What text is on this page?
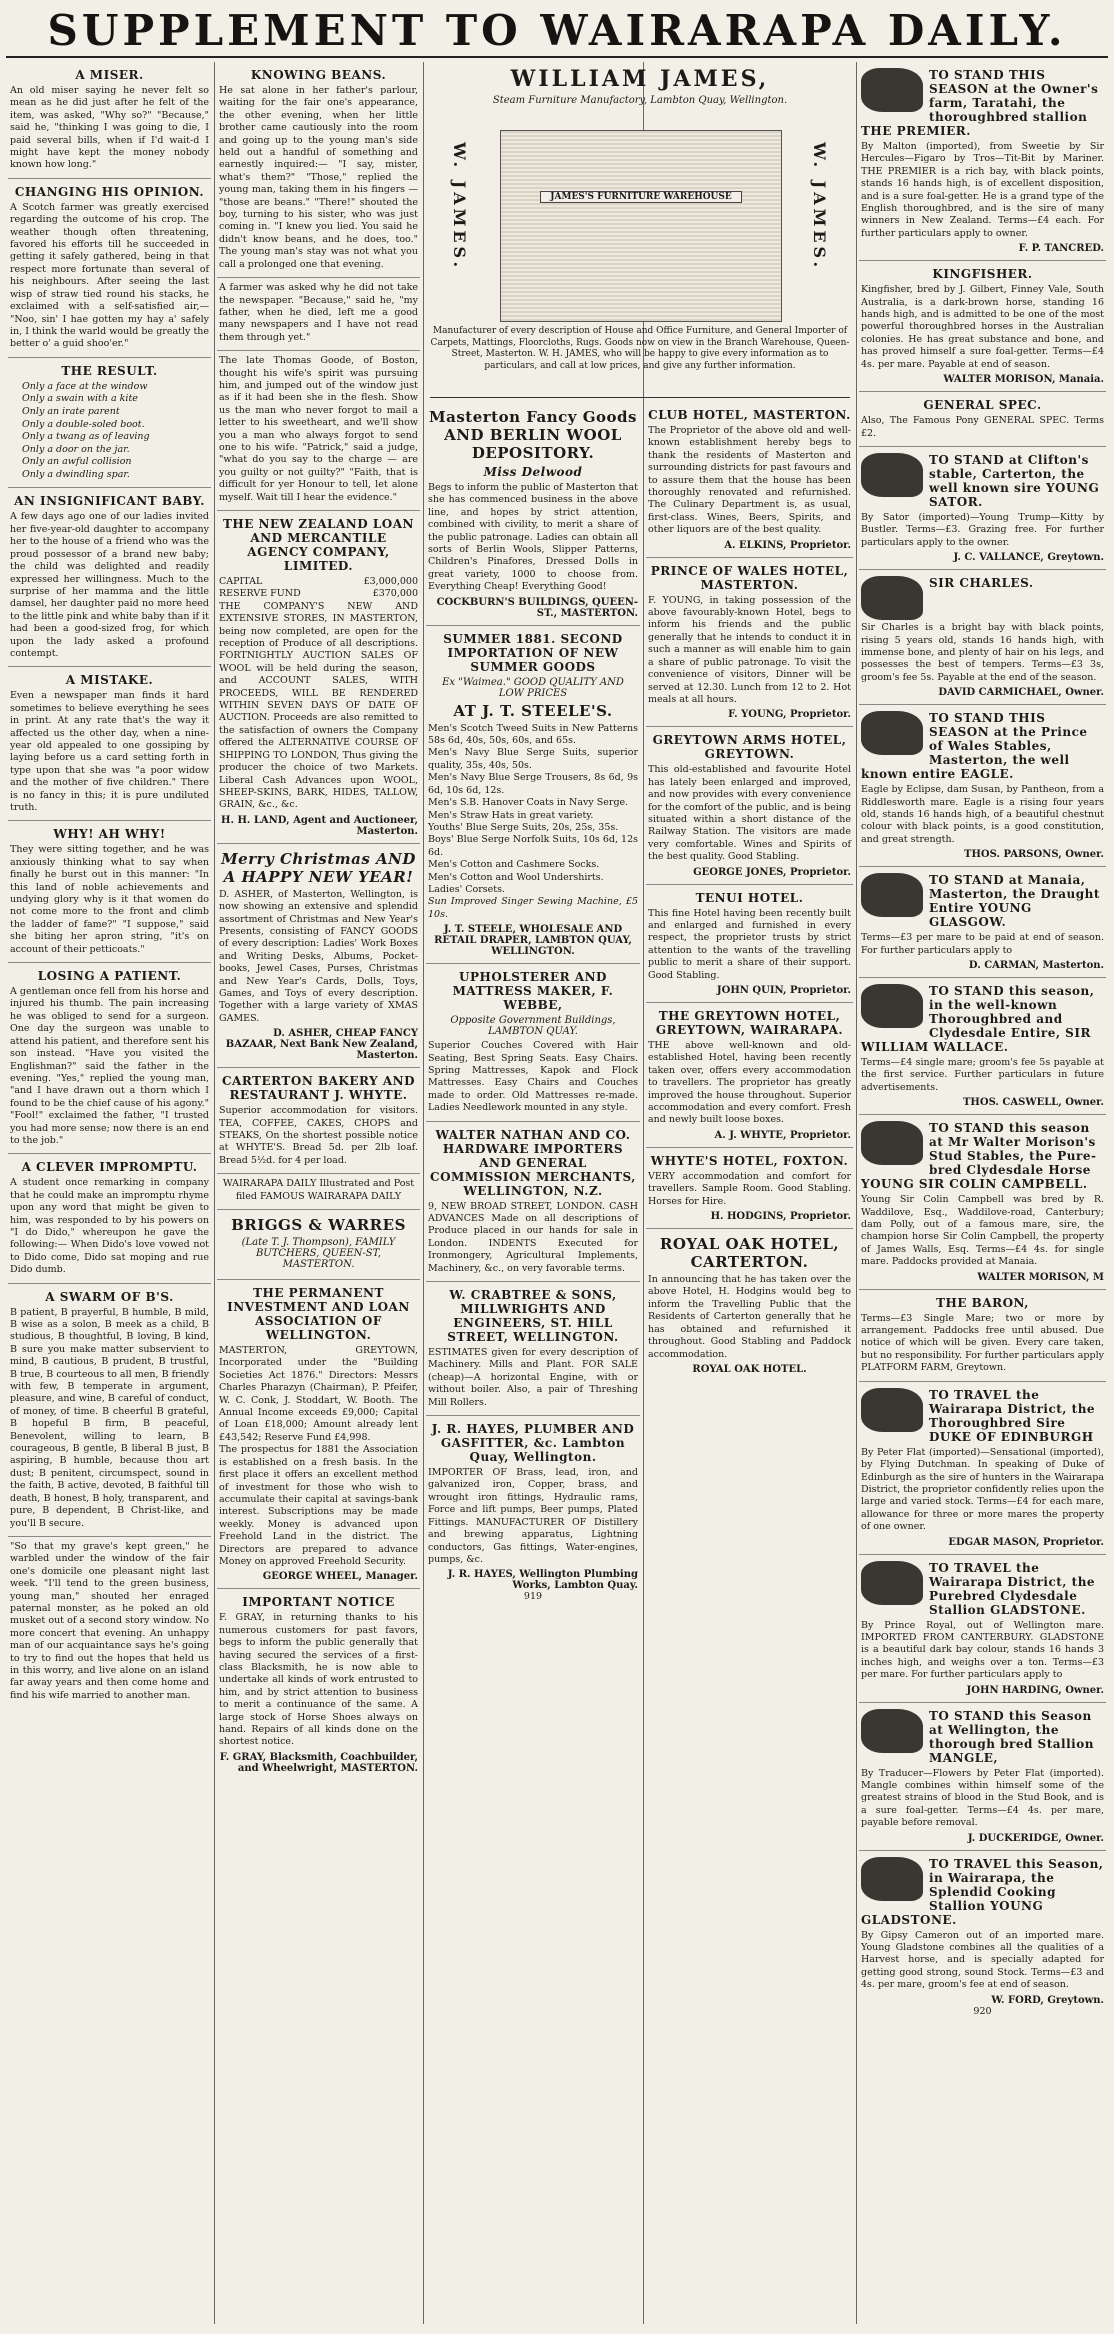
SUPPLEMENT TO WAIRARAPA DAILY.
A MISER.

An old miser saying he never felt so mean as he did just after he felt of the item, was asked, "Why so?" "Because," said he, "thinking I was going to die, I paid several bills, when if I'd wait-d I might have kept the money nobody known how long."

CHANGING HIS OPINION.

A Scotch farmer was greatly exercised regarding the outcome of his crop. The weather though often threatening, favored his efforts till he succeeded in getting it safely gathered, being in that respect more fortunate than several of his neighbours. After seeing the last wisp of straw tied round his stacks, he exclaimed with a self-satisfied air,— "Noo, sin' I hae gotten my hay a' safely in, I think the warld would be greatly the better o' a guid shoo'er."

THE RESULT.
Only a face at the window
Only a swain with a kite
Only an irate parent
Only a double-soled boot.
Only a twang as of leaving
Only a door on the jar.
Only an awful collision
Only a dwindling spar.
AN INSIGNIFICANT BABY.

A few days ago one of our ladies invited her five-year-old daughter to accompany her to the house of a friend who was the proud possessor of a brand new baby; the child was delighted and readily expressed her willingness. Much to the surprise of her mamma and the little damsel, her daughter paid no more heed to the little pink and white baby than if it had been a good-sized frog, for which upon the lady asked a profound contempt.

A MISTAKE.

Even a newspaper man finds it hard sometimes to believe everything he sees in print. At any rate that's the way it affected us the other day, when a nine-year old appealed to one gossiping by laying before us a card setting forth in type upon that she was "a poor widow and the mother of five children." There is no fancy in this; it is pure undiluted truth.

WHY! AH WHY!

They were sitting together, and he was anxiously thinking what to say when finally he burst out in this manner: "In this land of noble achievements and undying glory why is it that women do not come more to the front and climb the ladder of fame?" "I suppose," said she biting her apron string, "it's on account of their petticoats."

LOSING A PATIENT.

A gentleman once fell from his horse and injured his thumb. The pain increasing he was obliged to send for a surgeon. One day the surgeon was unable to attend his patient, and therefore sent his son instead. "Have you visited the Englishman?" said the father in the evening. "Yes," replied the young man, "and I have drawn out a thorn which I found to be the chief cause of his agony." "Fool!" exclaimed the father, "I trusted you had more sense; now there is an end to the job."

A CLEVER IMPROMPTU.

A student once remarking in company that he could make an impromptu rhyme upon any word that might be given to him, was responded to by his powers on "I do Dido," whereupon he gave the following:— When Dido's love vowed not to Dido come, Dido sat moping and rue Dido dumb.

A SWARM OF B'S.

B patient, B prayerful, B humble, B mild, B wise as a solon, B meek as a child, B studious, B thoughtful, B loving, B kind, B sure you make matter subservient to mind, B cautious, B prudent, B trustful, B true, B courteous to all men, B friendly with few, B temperate in argument, pleasure, and wine, B careful of conduct, of money, of time. B cheerful B grateful, B hopeful B firm, B peaceful, Benevolent, willing to learn, B courageous, B gentle, B liberal B just, B aspiring, B humble, because thou art dust; B penitent, circumspect, sound in the faith, B active, devoted, B faithful till death, B honest, B holy, transparent, and pure, B dependent, B Christ-like, and you'll B secure.

"So that my grave's kept green," he warbled under the window of the fair one's domicile one pleasant night last week. "I'll tend to the green business, young man," shouted her enraged paternal monster, as he poked an old musket out of a second story window. No more concert that evening. An unhappy man of our acquaintance says he's going to try to find out the hopes that held us in this worry, and live alone on an island far away years and then come home and find his wife married to another man.

KNOWING BEANS.

He sat alone in her father's parlour, waiting for the fair one's appearance, the other evening, when her little brother came cautiously into the room and going up to the young man's side held out a handful of something and earnestly inquired:— "I say, mister, what's them?" "Those," replied the young man, taking them in his fingers — "those are beans." "There!" shouted the boy, turning to his sister, who was just coming in. "I knew you lied. You said he didn't know beans, and he does, too." The young man's stay was not what you call a prolonged one that evening.

A farmer was asked why he did not take the newspaper. "Because," said he, "my father, when he died, left me a good many newspapers and I have not read them through yet."

The late Thomas Goode, of Boston, thought his wife's spirit was pursuing him, and jumped out of the window just as if it had been she in the flesh. Show us the man who never forgot to mail a letter to his sweetheart, and we'll show you a man who always forgot to send one to his wife. "Patrick," said a judge, "what do you say to the charge — are you guilty or not guilty?" "Faith, that is difficult for yer Honour to tell, let alone myself. Wait till I hear the evidence."

THE NEW ZEALAND LOAN AND MERCANTILE AGENCY COMPANY, LIMITED.
CAPITAL	£3,000,000
RESERVE FUND	£370,000

THE COMPANY'S NEW AND EXTENSIVE STORES, IN MASTERTON, being now completed, are open for the reception of Produce of all descriptions. FORTNIGHTLY AUCTION SALES OF WOOL will be held during the season, and ACCOUNT SALES, WITH PROCEEDS, WILL BE RENDERED WITHIN SEVEN DAYS OF DATE OF AUCTION. Proceeds are also remitted to the satisfaction of owners the Company offered the ALTERNATIVE COURSE OF SHIPPING TO LONDON, Thus giving the producer the choice of two Markets. Liberal Cash Advances upon WOOL, SHEEP-SKINS, BARK, HIDES, TALLOW, GRAIN, &c., &c.

H. H. LAND, Agent and Auctioneer, Masterton.
Merry Christmas AND A HAPPY NEW YEAR!

D. ASHER, of Masterton, Wellington, is now showing an extensive and splendid assortment of Christmas and New Year's Presents, consisting of FANCY GOODS of every description: Ladies' Work Boxes and Writing Desks, Albums, Pocket-books, Jewel Cases, Purses, Christmas and New Year's Cards, Dolls, Toys, Games, and Toys of every description. Together with a large variety of XMAS GAMES.

D. ASHER, CHEAP FANCY BAZAAR, Next Bank New Zealand, Masterton.
CARTERTON BAKERY AND RESTAURANT J. WHYTE.

Superior accommodation for visitors. TEA, COFFEE, CAKES, CHOPS and STEAKS, On the shortest possible notice at WHYTE'S. Bread 5d. per 2lb loaf. Bread 5½d. for 4 per load.

WAIRARAPA DAILY Illustrated and Post filed FAMOUS WAIRARAPA DAILY

BRIGGS & WARRES
(Late T. J. Thompson), FAMILY BUTCHERS, QUEEN-ST, MASTERTON.
THE PERMANENT INVESTMENT AND LOAN ASSOCIATION OF WELLINGTON.

MASTERTON, GREYTOWN, Incorporated under the "Building Societies Act 1876." Directors: Messrs Charles Pharazyn (Chairman), P. Pfeifer, W. C. Conk, J. Stoddart, W. Booth. The Annual Income exceeds £9,000; Capital of Loan £18,000; Amount already lent £43,542; Reserve Fund £4,998.

The prospectus for 1881 the Association is established on a fresh basis. In the first place it offers an excellent method of investment for those who wish to accumulate their capital at savings-bank interest. Subscriptions may be made weekly. Money is advanced upon Freehold Land in the district. The Directors are prepared to advance Money on approved Freehold Security.

GEORGE WHEEL, Manager.
IMPORTANT NOTICE

F. GRAY, in returning thanks to his numerous customers for past favors, begs to inform the public generally that having secured the services of a first-class Blacksmith, he is now able to undertake all kinds of work entrusted to him, and by strict attention to business to merit a continuance of the same. A large stock of Horse Shoes always on hand. Repairs of all kinds done on the shortest notice.

F. GRAY, Blacksmith, Coachbuilder, and Wheelwright, MASTERTON.
WILLIAM JAMES,
Steam Furniture Manufactory, Lambton Quay, Wellington.
W. JAMES.	W. JAMES.
JAMES'S FURNITURE WAREHOUSE
Manufacturer of every description of House and Office Furniture, and General Importer of Carpets, Mattings, Floorcloths, Rugs. Goods now on view in the Branch Warehouse, Queen-Street, Masterton. W. H. JAMES, who will be happy to give every information as to particulars, and call at low prices, and give any further information.
Masterton Fancy Goods AND BERLIN WOOL DEPOSITORY.
Miss Delwood

Begs to inform the public of Masterton that she has commenced business in the above line, and hopes by strict attention, combined with civility, to merit a share of the public patronage. Ladies can obtain all sorts of Berlin Wools, Slipper Patterns, Children's Pinafores, Dressed Dolls in great variety, 1000 to choose from. Everything Cheap! Everything Good!

COCKBURN'S BUILDINGS, QUEEN-ST., MASTERTON.
SUMMER 1881. SECOND IMPORTATION OF NEW SUMMER GOODS
Ex "Waimea." GOOD QUALITY AND LOW PRICES
AT J. T. STEELE'S.

Men's Scotch Tweed Suits in New Patterns 58s 6d, 40s, 50s, 60s, and 65s.

Men's Navy Blue Serge Suits, superior quality, 35s, 40s, 50s.

Men's Navy Blue Serge Trousers, 8s 6d, 9s 6d, 10s 6d, 12s.

Men's S.B. Hanover Coats in Navy Serge.

Men's Straw Hats in great variety.

Youths' Blue Serge Suits, 20s, 25s, 35s.

Boys' Blue Serge Norfolk Suits, 10s 6d, 12s 6d.

Men's Cotton and Cashmere Socks.

Men's Cotton and Wool Undershirts.

Ladies' Corsets.

Sun Improved Singer Sewing Machine, £5 10s.

J. T. STEELE, WHOLESALE AND RETAIL DRAPER, LAMBTON QUAY, WELLINGTON.
UPHOLSTERER AND MATTRESS MAKER, F. WEBBE,
Opposite Government Buildings, LAMBTON QUAY.

Superior Couches Covered with Hair Seating, Best Spring Seats. Easy Chairs. Spring Mattresses, Kapok and Flock Mattresses. Easy Chairs and Couches made to order. Old Mattresses re-made. Ladies Needlework mounted in any style.

WALTER NATHAN AND CO. HARDWARE IMPORTERS AND GENERAL COMMISSION MERCHANTS, WELLINGTON, N.Z.

9, NEW BROAD STREET, LONDON. CASH ADVANCES Made on all descriptions of Produce placed in our hands for sale in London. INDENTS Executed for Ironmongery, Agricultural Implements, Machinery, &c., on very favorable terms.

W. CRABTREE & SONS, MILLWRIGHTS AND ENGINEERS, ST. HILL STREET, WELLINGTON.

ESTIMATES given for every description of Machinery. Mills and Plant. FOR SALE (cheap)—A horizontal Engine, with or without boiler. Also, a pair of Threshing Mill Rollers.

J. R. HAYES, PLUMBER AND GASFITTER, &c. Lambton Quay, Wellington.

IMPORTER OF Brass, lead, iron, and galvanized iron, Copper, brass, and wrought iron fittings, Hydraulic rams, Force and lift pumps, Beer pumps, Plated Fittings. MANUFACTURER OF Distillery and brewing apparatus, Lightning conductors, Gas fittings, Water-engines, pumps, &c.

J. R. HAYES, Wellington Plumbing Works, Lambton Quay.
919
CLUB HOTEL, MASTERTON.

The Proprietor of the above old and well-known establishment hereby begs to thank the residents of Masterton and surrounding districts for past favours and to assure them that the house has been thoroughly renovated and refurnished. The Culinary Department is, as usual, first-class. Wines, Beers, Spirits, and other liquors are of the best quality.

A. ELKINS, Proprietor.
PRINCE OF WALES HOTEL, MASTERTON.

F. YOUNG, in taking possession of the above favourably-known Hotel, begs to inform his friends and the public generally that he intends to conduct it in such a manner as will enable him to gain a share of public patronage. To visit the convenience of visitors, Dinner will be served at 12.30. Lunch from 12 to 2. Hot meals at all hours.

F. YOUNG, Proprietor.
GREYTOWN ARMS HOTEL, GREYTOWN.

This old-established and favourite Hotel has lately been enlarged and improved, and now provides with every convenience for the comfort of the public, and is being situated within a short distance of the Railway Station. The visitors are made very comfortable. Wines and Spirits of the best quality. Good Stabling.

GEORGE JONES, Proprietor.
TENUI HOTEL.

This fine Hotel having been recently built and enlarged and furnished in every respect, the proprietor trusts by strict attention to the wants of the travelling public to merit a share of their support. Good Stabling.

JOHN QUIN, Proprietor.
THE GREYTOWN HOTEL, GREYTOWN, WAIRARAPA.

THE above well-known and old-established Hotel, having been recently taken over, offers every accommodation to travellers. The proprietor has greatly improved the house throughout. Superior accommodation and every comfort. Fresh and newly built loose boxes.

A. J. WHYTE, Proprietor.
WHYTE'S HOTEL, FOXTON.

VERY accommodation and comfort for travellers. Sample Room. Good Stabling. Horses for Hire.

H. HODGINS, Proprietor.
ROYAL OAK HOTEL, CARTERTON.

In announcing that he has taken over the above Hotel, H. Hodgins would beg to inform the Travelling Public that the Residents of Carterton generally that he has obtained and refurnished it throughout. Good Stabling and Paddock accommodation.

ROYAL OAK HOTEL.
TO STAND THIS SEASON at the Owner's farm, Taratahi, the thoroughbred stallion THE PREMIER.

By Malton (imported), from Sweetie by Sir Hercules—Figaro by Tros—Tit-Bit by Mariner. THE PREMIER is a rich bay, with black points, stands 16 hands high, is of excellent disposition, and is a sure foal-getter. He is a grand type of the English thoroughbred, and is the sire of many winners in New Zealand. Terms—£4 each. For further particulars apply to owner.

F. P. TANCRED.
KINGFISHER.

Kingfisher, bred by J. Gilbert, Finney Vale, South Australia, is a dark-brown horse, standing 16 hands high, and is admitted to be one of the most powerful thoroughbred horses in the Australian colonies. He has great substance and bone, and has proved himself a sure foal-getter. Terms—£4 4s. per mare. Payable at end of season.

WALTER MORISON, Manaia.
GENERAL SPEC.

Also, The Famous Pony GENERAL SPEC. Terms £2.

TO STAND at Clifton's stable, Carterton, the well known sire YOUNG SATOR.

By Sator (imported)—Young Trump—Kitty by Bustler. Terms—£3. Grazing free. For further particulars apply to the owner.

J. C. VALLANCE, Greytown.
SIR CHARLES.

Sir Charles is a bright bay with black points, rising 5 years old, stands 16 hands high, with immense bone, and plenty of hair on his legs, and possesses the best of tempers. Terms—£3 3s, groom's fee 5s. Payable at the end of the season.

DAVID CARMICHAEL, Owner.
TO STAND THIS SEASON at the Prince of Wales Stables, Masterton, the well known entire EAGLE.

Eagle by Eclipse, dam Susan, by Pantheon, from a Riddlesworth mare. Eagle is a rising four years old, stands 16 hands high, of a beautiful chestnut colour with black points, is a good constitution, and great strength.

THOS. PARSONS, Owner.
TO STAND at Manaia, Masterton, the Draught Entire YOUNG GLASGOW.

Terms—£3 per mare to be paid at end of season. For further particulars apply to

D. CARMAN, Masterton.
TO STAND this season, in the well-known Thoroughbred and Clydesdale Entire, SIR WILLIAM WALLACE.

Terms—£4 single mare; groom's fee 5s payable at the first service. Further particulars in future advertisements.

THOS. CASWELL, Owner.
TO STAND this season at Mr Walter Morison's Stud Stables, the Pure-bred Clydesdale Horse YOUNG SIR COLIN CAMPBELL.

Young Sir Colin Campbell was bred by R. Waddilove, Esq., Waddilove-road, Canterbury; dam Polly, out of a famous mare, sire, the champion horse Sir Colin Campbell, the property of James Walls, Esq. Terms—£4 4s. for single mare. Paddocks provided at Manaia.

WALTER MORISON, M
THE BARON,

Terms—£3 Single Mare; two or more by arrangement. Paddocks free until abused. Due notice of which will be given. Every care taken, but no responsibility. For further particulars apply PLATFORM FARM, Greytown.

TO TRAVEL the Wairarapa District, the Thoroughbred Sire DUKE OF EDINBURGH

By Peter Flat (imported)—Sensational (imported), by Flying Dutchman. In speaking of Duke of Edinburgh as the sire of hunters in the Wairarapa District, the proprietor confidently relies upon the large and varied stock. Terms—£4 for each mare, allowance for three or more mares the property of one owner.

EDGAR MASON, Proprietor.
TO TRAVEL the Wairarapa District, the Purebred Clydesdale Stallion GLADSTONE.

By Prince Royal, out of Wellington mare. IMPORTED FROM CANTERBURY. GLADSTONE is a beautiful dark bay colour, stands 16 hands 3 inches high, and weighs over a ton. Terms—£3 per mare. For further particulars apply to

JOHN HARDING, Owner.
TO STAND this Season at Wellington, the thorough bred Stallion MANGLE,

By Traducer—Flowers by Peter Flat (imported). Mangle combines within himself some of the greatest strains of blood in the Stud Book, and is a sure foal-getter. Terms—£4 4s. per mare, payable before removal.

J. DUCKERIDGE, Owner.
TO TRAVEL this Season, in Wairarapa, the Splendid Cooking Stallion YOUNG GLADSTONE.

By Gipsy Cameron out of an imported mare. Young Gladstone combines all the qualities of a Harvest horse, and is specially adapted for getting good strong, sound Stock. Terms—£3 and 4s. per mare, groom's fee at end of season.

W. FORD, Greytown.
920
